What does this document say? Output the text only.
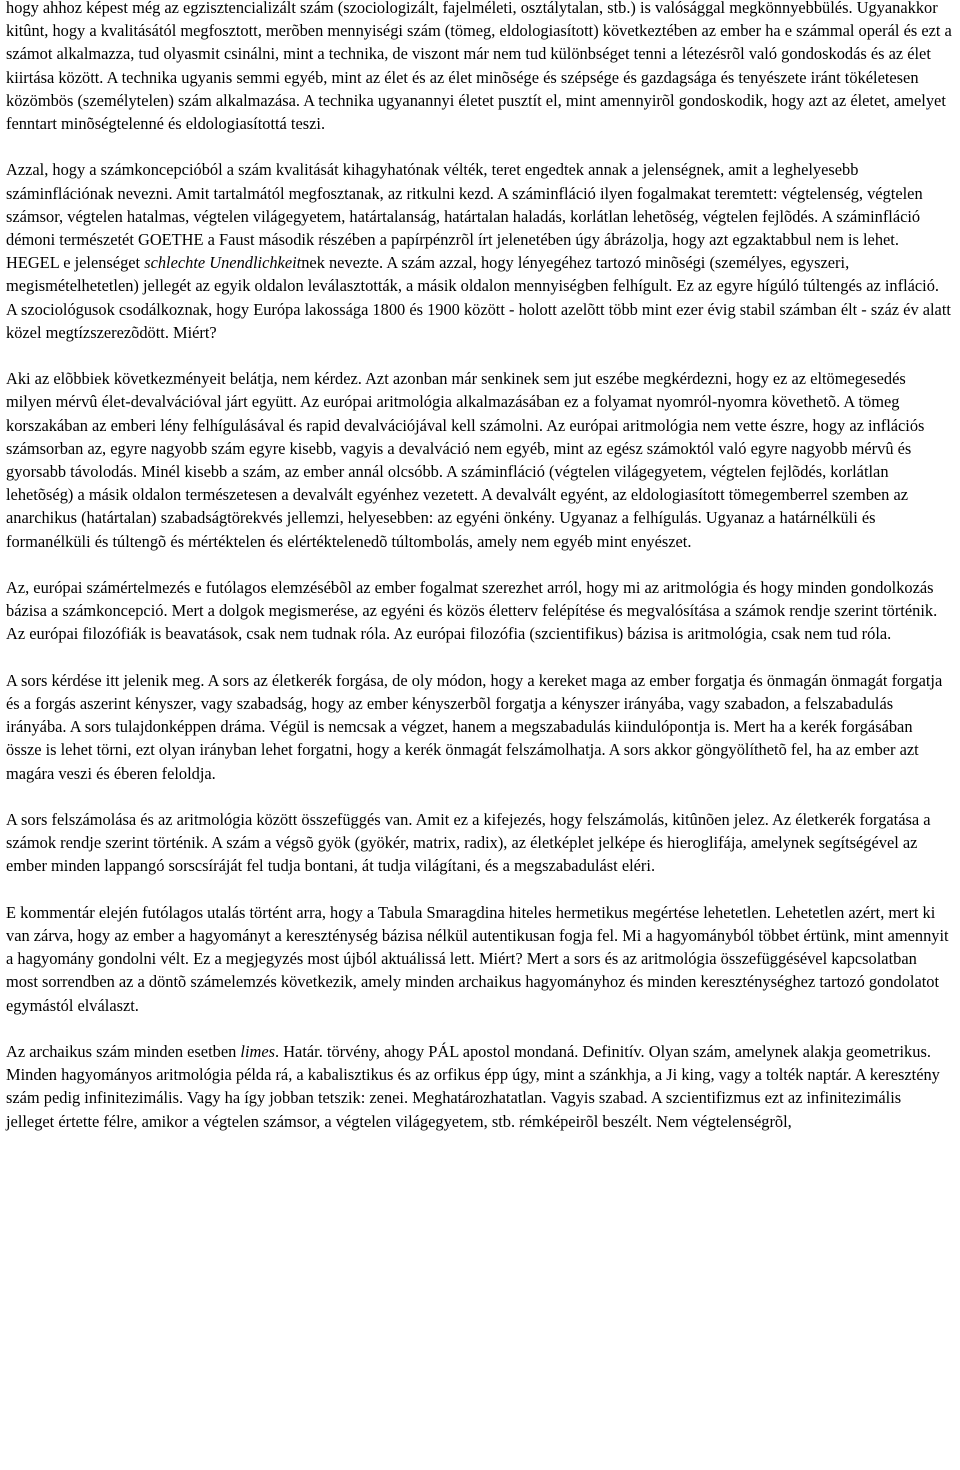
hogy ahhoz képest még az egzisztencializált szám (szociologizált, fajelméleti, osztálytalan, stb.) is valósággal megkönnyebbülés. Ugyanakkor kitûnt, hogy a kvalitásától megfosztott, merõben mennyiségi szám (tömeg, eldologiasított) következtében az ember ha e számmal operál és ezt a számot alkalmazza, tud olyasmit csinálni, mint a technika, de viszont már nem tud különbséget tenni a létezésrõl való gondoskodás és az élet kiirtása között. A technika ugyanis semmi egyéb, mint az élet és az élet minõsége és szépsége és gazdagsága és tenyészete iránt tökéletesen közömbös (személytelen) szám alkalmazása. A technika ugyanannyi életet pusztít el, mint amennyirõl gondoskodik, hogy azt az életet, amelyet fenntart minõségtelenné és eldologiasítottá teszi.

Azzal, hogy a számkoncepcióból a szám kvalitását kihagyhatónak vélték, teret engedtek annak a jelenségnek, amit a leghelyesebb száminflációnak nevezni. Amit tartalmától megfosztanak, az ritkulni kezd. A száminfláció ilyen fogalmakat teremtett: végtelenség, végtelen számsor, végtelen hatalmas, végtelen világegyetem, határtalanság, határtalan haladás, korlátlan lehetõség, végtelen fejlõdés. A száminfláció démoni természetét GOETHE a Faust második részében a papírpénzrõl írt jelenetében úgy ábrázolja, hogy azt egzaktabbul nem is lehet. HEGEL e jelenséget schlechte Unendlichkeitnek nevezte. A szám azzal, hogy lényegéhez tartozó minõségi (személyes, egyszeri, megismételhetetlen) jellegét az egyik oldalon leválasztották, a másik oldalon mennyiségben felhígult. Ez az egyre hígúló túltengés az infláció. A szociológusok csodálkoznak, hogy Európa lakossága 1800 és 1900 között - holott azelõtt több mint ezer évig stabil számban élt - száz év alatt közel megtízszerezõdött. Miért?

Aki az elõbbiek következményeit belátja, nem kérdez. Azt azonban már senkinek sem jut eszébe megkérdezni, hogy ez az eltömegesedés milyen mérvû élet-devalvációval járt együtt. Az európai aritmológia alkalmazásában ez a folyamat nyomról-nyomra követhetõ. A tömeg korszakában az emberi lény felhígulásával és rapid devalvációjával kell számolni. Az európai aritmológia nem vette észre, hogy az inflációs számsorban az, egyre nagyobb szám egyre kisebb, vagyis a devalváció nem egyéb, mint az egész számoktól való egyre nagyobb mérvû és gyorsabb távolodás. Minél kisebb a szám, az ember annál olcsóbb. A száminfláció (végtelen világegyetem, végtelen fejlõdés, korlátlan lehetõség) a másik oldalon természetesen a devalvált egyénhez vezetett. A devalvált egyént, az eldologiasított tömegemberrel szemben az anarchikus (határtalan) szabadságtörekvés jellemzi, helyesebben: az egyéni önkény. Ugyanaz a felhígulás. Ugyanaz a határnélküli és formanélküli és túltengõ és mértéktelen és elértéktelenedõ túltombolás, amely nem egyéb mint enyészet.

Az, európai számértelmezés e futólagos elemzésébõl az ember fogalmat szerezhet arról, hogy mi az aritmológia és hogy minden gondolkozás bázisa a számkoncepció. Mert a dolgok megismerése, az egyéni és közös életterv felépítése és megvalósítása a számok rendje szerint történik. Az európai filozófiák is beavatások, csak nem tudnak róla. Az európai filozófia (szcientifikus) bázisa is aritmológia, csak nem tud róla.

A sors kérdése itt jelenik meg. A sors az életkerék forgása, de oly módon, hogy a kereket maga az ember forgatja és önmagán önmagát forgatja és a forgás aszerint kényszer, vagy szabadság, hogy az ember kényszerbõl forgatja a kényszer irányába, vagy szabadon, a felszabadulás irányába. A sors tulajdonképpen dráma. Végül is nemcsak a végzet, hanem a megszabadulás kiindulópontja is. Mert ha a kerék forgásában össze is lehet törni, ezt olyan irányban lehet forgatni, hogy a kerék önmagát felszámolhatja. A sors akkor göngyölíthetõ fel, ha az ember azt magára veszi és éberen feloldja.

A sors felszámolása és az aritmológia között összefüggés van. Amit ez a kifejezés, hogy felszámolás, kitûnõen jelez. Az életkerék forgatása a számok rendje szerint történik. A szám a végsõ gyök (gyökér, matrix, radix), az életképlet jelképe és hieroglifája, amelynek segítségével az ember minden lappangó sorscsíráját fel tudja bontani, át tudja világítani, és a megszabadulást eléri.

E kommentár elején futólagos utalás történt arra, hogy a Tabula Smaragdina hiteles hermetikus megértése lehetetlen. Lehetetlen azért, mert ki van zárva, hogy az ember a hagyományt a kereszténység bázisa nélkül autentikusan fogja fel. Mi a hagyományból többet értünk, mint amennyit a hagyomány gondolni vélt. Ez a megjegyzés most újból aktuálissá lett. Miért? Mert a sors és az aritmológia összefüggésével kapcsolatban most sorrendben az a döntõ számelemzés következik, amely minden archaikus hagyományhoz és minden kereszténységhez tartozó gondolatot egymástól elválaszt.

Az archaikus szám minden esetben limes. Határ. törvény, ahogy PÁL apostol mondaná. Definitív. Olyan szám, amelynek alakja geometrikus. Minden hagyományos aritmológia példa rá, a kabalisztikus és az orfikus épp úgy, mint a szánkhja, a Ji king, vagy a tolték naptár. A keresztény szám pedig infinitezimális. Vagy ha így jobban tetszik: zenei. Meghatározhatatlan. Vagyis szabad. A szcientifizmus ezt az infinitezimális jelleget értette félre, amikor a végtelen számsor, a végtelen világegyetem, stb. rémképeirõl beszélt. Nem végtelenségrõl,
